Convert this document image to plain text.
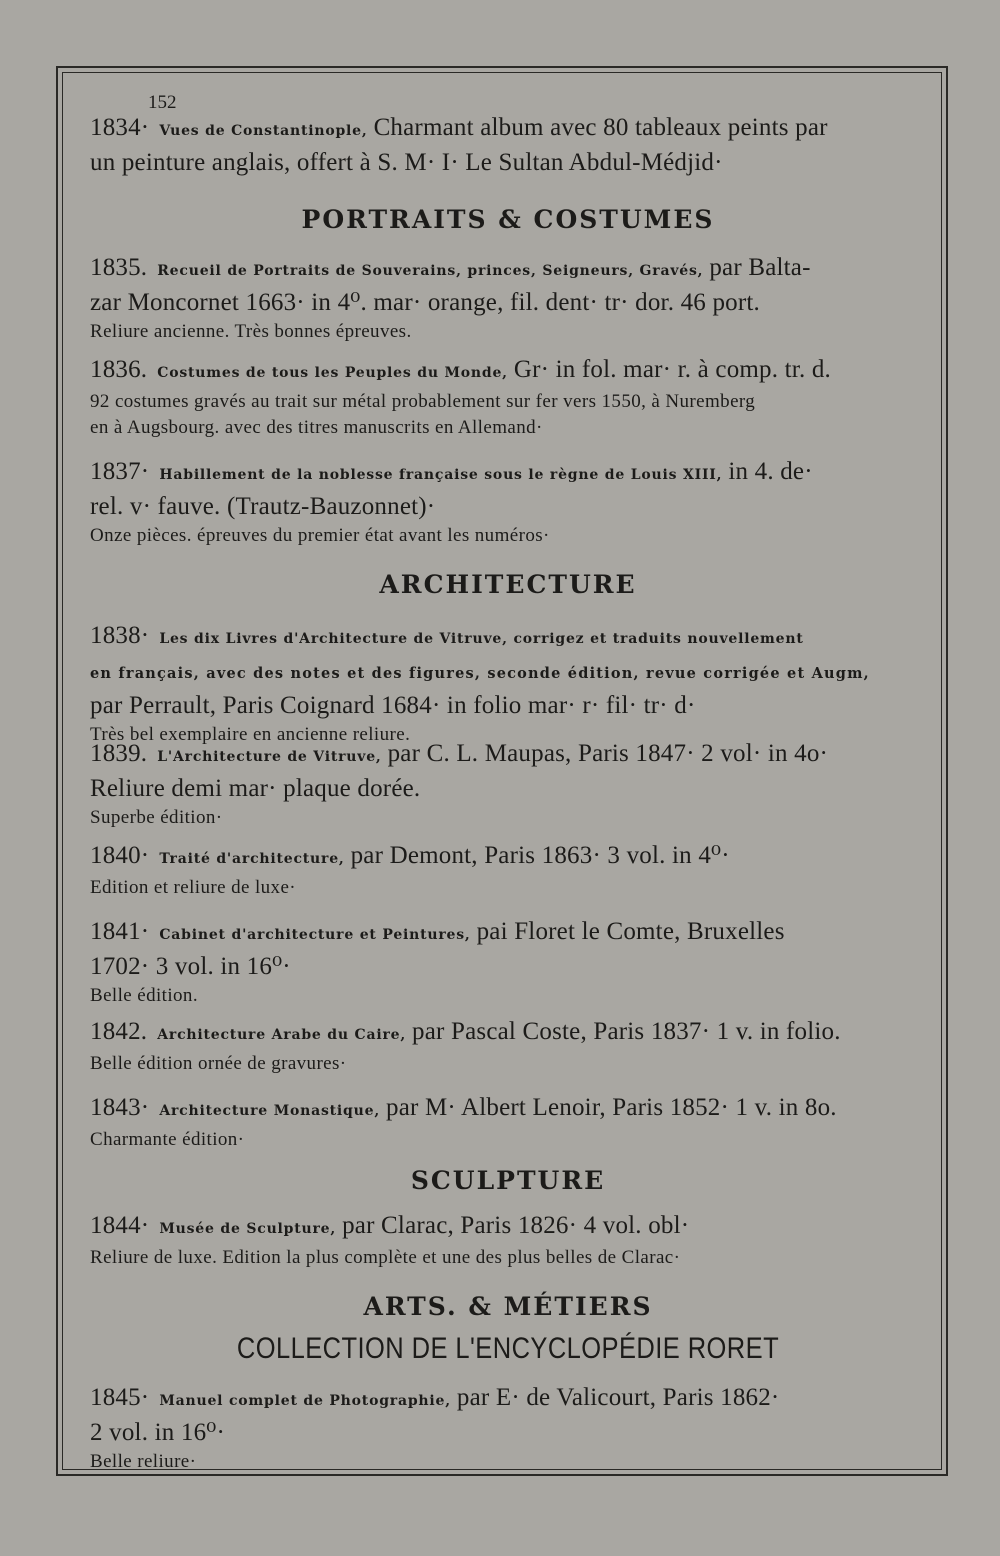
152
1834· Vues de Constantinople, Charmant album avec 80 tableaux peints par
un peinture anglais, offert à S. M· I· Le Sultan Abdul-Médjid·
PORTRAITS & COSTUMES
1835. Recueil de Portraits de Souverains, princes, Seigneurs, Gravés, par Balta-
zar Moncornet 1663· in 4⁰. mar· orange, fil. dent· tr· dor. 46 port.
Reliure ancienne. Très bonnes épreuves.
1836. Costumes de tous les Peuples du Monde, Gr· in fol. mar· r. à comp. tr. d.
92 costumes gravés au trait sur métal probablement sur fer vers 1550, à Nuremberg
en à Augsbourg. avec des titres manuscrits en Allemand·
1837· Habillement de la noblesse française sous le règne de Louis XIII, in 4. de·
rel. v· fauve. (Trautz-Bauzonnet)·
Onze pièces. épreuves du premier état avant les numéros·
ARCHITECTURE
1838· Les dix Livres d'Architecture de Vitruve, corrigez et traduits nouvellement
en français, avec des notes et des figures, seconde édition, revue corrigée et Augm,
par Perrault, Paris Coignard 1684· in folio mar· r· fil· tr· d·
Très bel exemplaire en ancienne reliure.
1839. L'Architecture de Vitruve, par C. L. Maupas, Paris 1847· 2 vol· in 4o·
Reliure demi mar· plaque dorée.
Superbe édition·
1840· Traité d'architecture, par Demont, Paris 1863· 3 vol. in 4⁰·
Edition et reliure de luxe·
1841· Cabinet d'architecture et Peintures, pai Floret le Comte, Bruxelles
1702· 3 vol. in 16⁰·
Belle édition.
1842. Architecture Arabe du Caire, par Pascal Coste, Paris 1837· 1 v. in folio.
Belle édition ornée de gravures·
1843· Architecture Monastique, par M· Albert Lenoir, Paris 1852· 1 v. in 8o.
Charmante édition·
SCULPTURE
1844· Musée de Sculpture, par Clarac, Paris 1826· 4 vol. obl·
Reliure de luxe. Edition la plus complète et une des plus belles de Clarac·
ARTS. & MÉTIERS
COLLECTION DE L'ENCYCLOPÉDIE RORET
1845· Manuel complet de Photographie, par E· de Valicourt, Paris 1862·
2 vol. in 16⁰·
Belle reliure·
